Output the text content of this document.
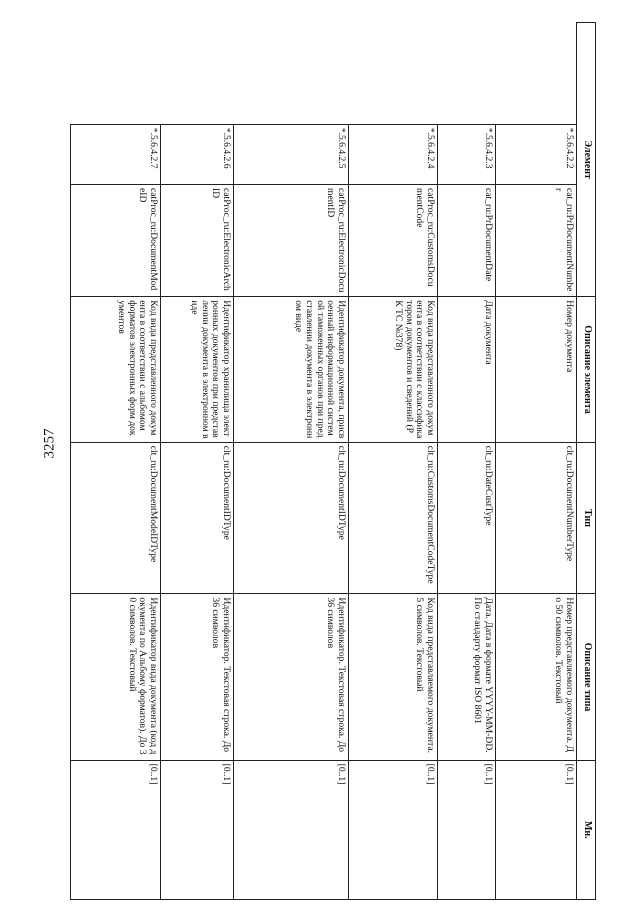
3257
Элемент						Описание элемента	Тип	Описание типа	Мн.
				*.5.6.4.2.2	cat_ru:PrDocumentNumber	Номер документа	clt_ru:DocumentNumberType	Номер представляемого документа. До 50 символов. Текстовый	[0..1]
				*.5.6.4.2.3	cat_ru:PrDocumentDate	Дата документа	clt_ru:DateCustType	Дата. Дата в формате YYYY-MM-DD. По стандарту формат ISO 8601	[0..1]
				*.5.6.4.2.4	catProc_ru:CustomsDocumentCode	Код вида представленного документа в соответствии с классификатором документов и сведений (РК ТС №378)	clt_ru:CustomsDocumentCodeType	Код вида представляемого документа. 5 символов. Текстовый	[0..1]
				*.5.6.4.2.5	catProc_ru:ElectronicDocumentID	Идентификатор документа, присвоенный информационной системой таможенных органов при представлении документа в электронном виде	clt_ru:DocumentIDType	Идентификатор. Текстовая строка. До 36 символов	[0..1]
				*.5.6.4.2.6	catProc_ru:ElectronicArchID	Идентификатор хранилища электронных документов при представлении документа в электронном виде	clt_ru:DocumentIDType	Идентификатор. Текстовая строка. До 36 символов	[0..1]
				*.5.6.4.2.7	catProc_ru:DocumentModeID	Код вида представленного документа в соответствии с альбомом форматов электронных форм документов	clt_ru:DocumentModeIDType	Идентификатор вида документа (код документа по Альбому форматов). До 30 символов. Текстовый	[0..1]
